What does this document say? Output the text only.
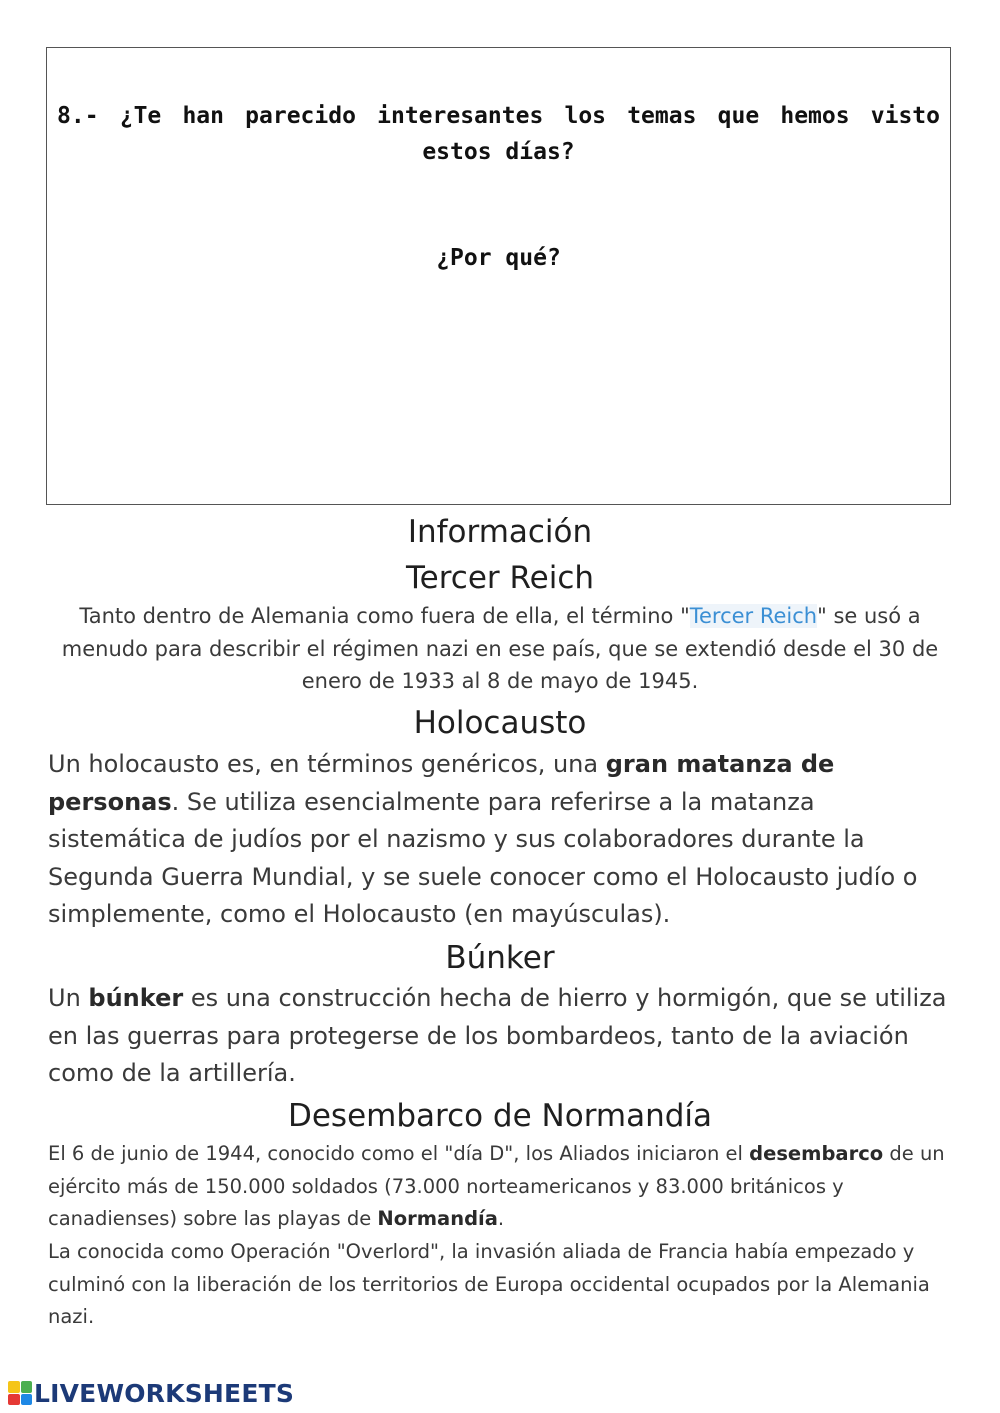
8.- ¿Te han parecido interesantes los temas que hemos visto estos días?
¿Por qué?
Información
Tercer Reich
Tanto dentro de Alemania como fuera de ella, el término "Tercer Reich" se usó a menudo para describir el régimen nazi en ese país, que se extendió desde el 30 de enero de 1933 al 8 de mayo de 1945.
Holocausto
Un holocausto es, en términos genéricos, una gran matanza de personas. Se utiliza esencialmente para referirse a la matanza sistemática de judíos por el nazismo y sus colaboradores durante la Segunda Guerra Mundial, y se suele conocer como el Holocausto judío o simplemente, como el Holocausto (en mayúsculas).
Búnker
Un búnker es una construcción hecha de hierro y hormigón, que se utiliza en las guerras para protegerse de los bombardeos, tanto de la aviación como de la artillería.
Desembarco de Normandía
El 6 de junio de 1944, conocido como el "día D", los Aliados iniciaron el desembarco de un ejército más de 150.000 soldados (73.000 norteamericanos y 83.000 británicos y canadienses) sobre las playas de Normandía.
La conocida como Operación "Overlord", la invasión aliada de Francia había empezado y culminó con la liberación de los territorios de Europa occidental ocupados por la Alemania nazi.
LIVEWORKSHEETS
